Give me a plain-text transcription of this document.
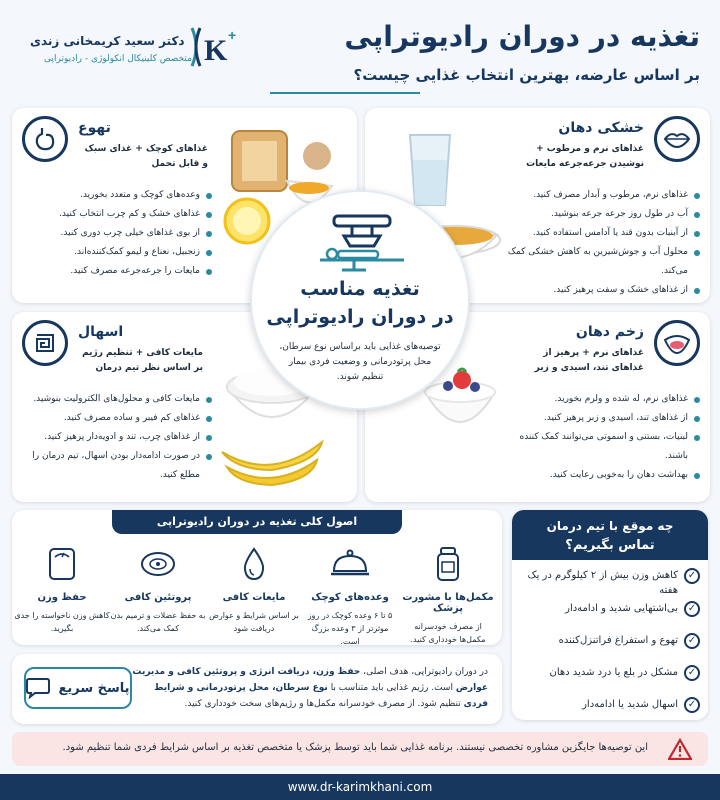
تغذیه در دوران رادیوتراپی
بر اساس عارضه، بهترین انتخاب غذایی چیست؟
دکتر سعید کریمخانی زندی
متخصص کلینیکال انکولوژی - رادیوتراپی K +
خشکی دهان
غذاهای نرم و مرطوب + نوشیدن جرعه‌جرعه مایعات
غذاهای نرم، مرطوب و آبدار مصرف کنید.
آب در طول روز جرعه جرعه بنوشید.
از آبنبات بدون قند یا آدامس استفاده کنید.
محلول آب و جوش‌شیرین به کاهش خشکی کمک می‌کند.
از غذاهای خشک و سفت پرهیز کنید.
تهوع
غذاهای کوچک + غذای سبک و قابل تحمل
وعده‌های کوچک و متعدد بخورید.
غذاهای خشک و کم چرب انتخاب کنید.
از بوی غذاهای خیلی چرب دوری کنید.
زنجبیل، نعناع و لیمو کمک‌کننده‌اند.
مایعات را جرعه‌جرعه مصرف کنید.
زخم دهان
غذاهای نرم + پرهیز از غذاهای تند، اسیدی و زبر
غذاهای نرم، له شده و ولرم بخورید.
از غذاهای تند، اسیدی و زبر پرهیز کنید.
لبنیات، بستنی و اسموتی می‌توانند کمک کننده باشند.
بهداشت دهان را به‌خوبی رعایت کنید.
اسهال
مایعات کافی + تنظیم رژیم بر اساس نظر تیم درمان
مایعات کافی و محلول‌های الکترولیت بنوشید.
غذاهای کم فیبر و ساده مصرف کنید.
از غذاهای چرب، تند و ادویه‌دار پرهیز کنید.
در صورت ادامه‌دار بودن اسهال، تیم درمان را مطلع کنید.
تغذیه مناسب
در دوران رادیوتراپی
توصیه‌های غذایی باید براساس نوع سرطان، محل پرتودرمانی و وضعیت فردی بیمار تنظیم شوند.
اصول کلی تغذیه در دوران رادیوتراپی
مکمل‌ها با مشورت پزشک
از مصرف خودسرانه مکمل‌ها خودداری کنید.
وعده‌های کوچک
۵ تا ۶ وعده کوچک در روز موثرتر از ۳ وعده بزرگ است.
مایعات کافی
بر اساس شرایط و عوارض دریافت شود
پروتئین کافی
به حفظ عضلات و ترمیم بدن کمک می‌کند.
حفظ وزن
کاهش وزن ناخواسته را جدی بگیرید.
چه موقع با تیم درمان
تماس بگیریم؟
✓
کاهش وزن بیش از ۲ کیلوگرم در یک هفته
✓
بی‌اشتهایی شدید و ادامه‌دار
✓
تهوع و استفراغ فراتنزل‌کننده
✓
مشکل در بلع یا درد شدید دهان
✓
اسهال شدید یا ادامه‌دار
در دوران رادیوتراپی، هدف اصلی، حفظ وزن، دریافت انرژی و پروتئین کافی و مدیریت عوارض است. رژیم غذایی باید متناسب با نوع سرطان، محل پرتودرمانی و شرایط فردی تنظیم شود. از مصرف خودسرانه مکمل‌ها و رژیم‌های سخت خودداری کنید.
پاسخ سریع
این توصیه‌ها جایگزین مشاوره تخصصی نیستند. برنامه غذایی شما باید توسط پزشک یا متخصص تغذیه بر اساس شرایط فردی شما تنظیم شود.
www.dr-karimkhani.com
